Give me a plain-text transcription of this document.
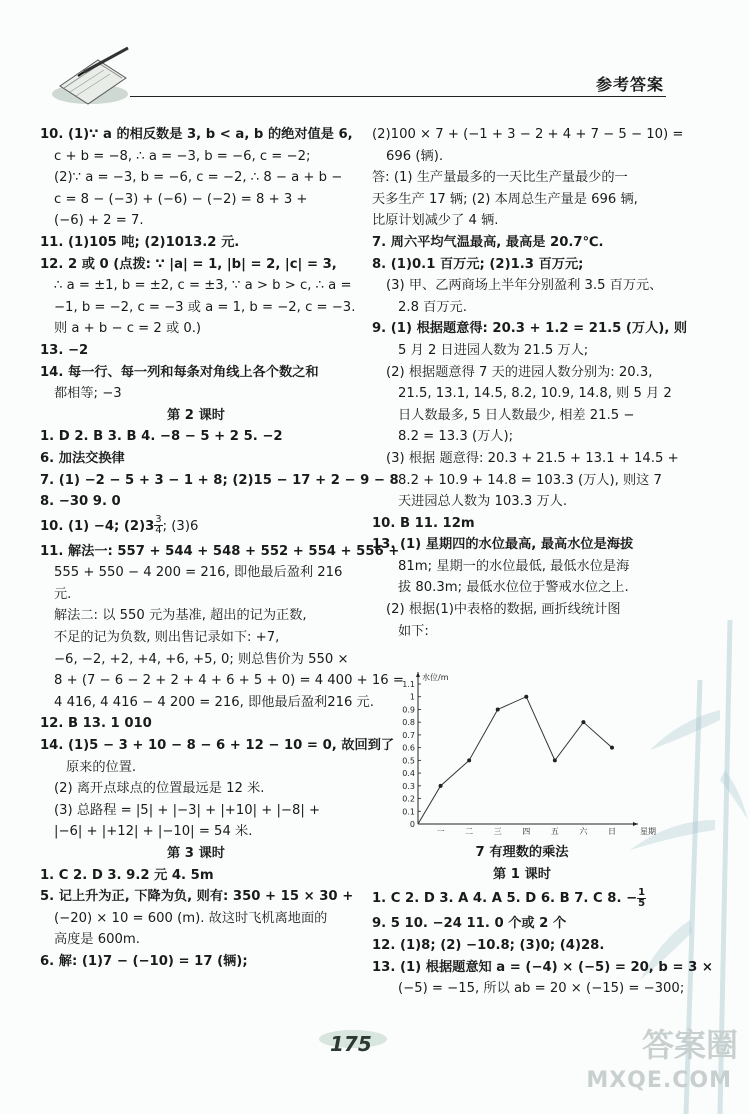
参考答案
10. (1)∵ a 的相反数是 3, b < a, b 的绝对值是 6,
c + b = −8, ∴ a = −3, b = −6, c = −2;
(2)∵ a = −3, b = −6, c = −2, ∴ 8 − a + b −
c = 8 − (−3) + (−6) − (−2) = 8 + 3 +
(−6) + 2 = 7.
11. (1)105 吨; (2)1013.2 元.
12. 2 或 0 (点拨: ∵ |a| = 1, |b| = 2, |c| = 3,
∴ a = ±1, b = ±2, c = ±3, ∵ a > b > c, ∴ a =
−1, b = −2, c = −3 或 a = 1, b = −2, c = −3.
则 a + b − c = 2 或 0.)
13. −2
14. 每一行、每一列和每条对角线上各个数之和
都相等; −3
第 2 课时
1. D 2. B 3. B 4. −8 − 5 + 2 5. −2
6. 加法交换律
7. (1) −2 − 5 + 3 − 1 + 8; (2)15 − 17 + 2 − 9 − 8
8. −30 9. 0
10. (1) −4; $(2)3 \frac{3}{4}$ ; (3)6
11. 解法一: 557 + 544 + 548 + 552 + 554 + 556 +
555 + 550 − 4 200 = 216, 即他最后盈利 216
元.
解法二: 以 550 元为基准, 超出的记为正数,
不足的记为负数, 则出售记录如下: +7,
−6, −2, +2, +4, +6, +5, 0; 则总售价为 550 ×
8 + (7 − 6 − 2 + 2 + 4 + 6 + 5 + 0) = 4 400 + 16 =
4 416, 4 416 − 4 200 = 216, 即他最后盈利216 元.
12. B 13. 1 010
14. (1)5 − 3 + 10 − 8 − 6 + 12 − 10 = 0, 故回到了
原来的位置.
(2) 离开点球点的位置最远是 12 米.
(3) 总路程 = |5| + |−3| + |+10| + |−8| +
|−6| + |+12| + |−10| = 54 米.
第 3 课时
1. C 2. D 3. 9.2 元 4. 5m
5. 记上升为正, 下降为负, 则有: 350 + 15 × 30 +
(−20) × 10 = 600 (m). 故这时飞机离地面的
高度是 600m.
6. 解: (1)7 − (−10) = 17 (辆);
(2)100 × 7 + (−1 + 3 − 2 + 4 + 7 − 5 − 10) =
696 (辆).
答: (1) 生产量最多的一天比生产量最少的一
天多生产 17 辆; (2) 本周总生产量是 696 辆,
比原计划减少了 4 辆.
7. 周六平均气温最高, 最高是 20.7℃.
8. (1)0.1 百万元; (2)1.3 百万元;
(3) 甲、乙两商场上半年分别盈利 3.5 百万元、
2.8 百万元.
9. (1) 根据题意得: 20.3 + 1.2 = 21.5 (万人), 则
5 月 2 日进园人数为 21.5 万人;
(2) 根据题意得 7 天的进园人数分别为: 20.3,
21.5, 13.1, 14.5, 8.2, 10.9, 14.8, 则 5 月 2
日人数最多, 5 日人数最少, 相差 21.5 −
8.2 = 13.3 (万人);
(3) 根据 题意得: 20.3 + 21.5 + 13.1 + 14.5 +
8.2 + 10.9 + 14.8 = 103.3 (万人), 则这 7
天进园总人数为 103.3 万人.
10. B 11. 12m
13. (1) 星期四的水位最高, 最高水位是海拔
81m; 星期一的水位最低, 最低水位是海
拔 80.3m; 最低水位位于警戒水位之上.
(2) 根据(1)中表格的数据, 画折线统计图
如下:
7 有理数的乘法
第 1 课时
1. C 2. D 3. A 4. A 5. D 6. B 7. C 8. − $\frac{1}{5}$
9. 5 10. −24 11. 0 个或 2 个
12. (1)8; (2) −10.8; (3)0; (4)28.
13. (1) 根据题意知 a = (−4) × (−5) = 20, b = 3 ×
(−5) = −15, 所以 ab = 20 × (−15) = −300;
0
0.1
0.2
0.3
0.4
0.5
0.6
0.7
0.8
0.9
1
1.1
水位/m
一	二	三	四	五	六	日	星期
175	答案圈
MXQE.COM
